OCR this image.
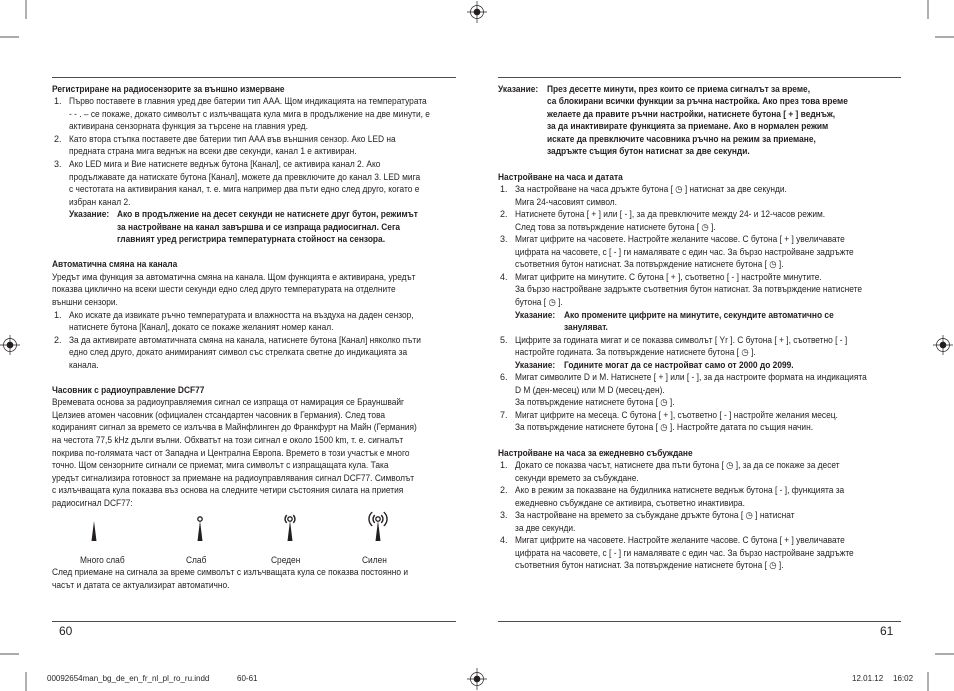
Регистриране на радиосензорите за външно измерване
1. Първо поставете в главния уред две батерии тип AAA. Щом индикацията на температурата
- - . – се покаже, докато символът с излъчващата кула мига в продължение на две минути, е
активирана сензорната функция за търсене на главния уред.
2. Като втора стъпка поставете две батерии тип AAA във външния сензор. Ако LED на
предната страна мига веднъж на всеки две секунди, канал 1 е активиран.
3. Ако LED мига и Вие натиснете веднъж бутона [Канал], се активира канал 2. Ако
продължавате да натискате бутона [Канал], можете да превключите до канал 3. LED мига
с честотата на активирания канал, т. е. мига например два пъти едно след друго, когато е
избран канал 2.
Указание: Ако в продължение на десет секунди не натиснете друг бутон, режимът
за настройване на канал завършва и се изпраща радиосигнал. Сега
главният уред регистрира температурната стойност на сензора.
Автоматична смяна на канала
Уредът има функция за автоматична смяна на канала. Щом функцията е активирана, уредът
показва циклично на всеки шести секунди едно след друго температурата на отделните
външни сензори.
1. Ако искате да извикате ръчно температурата и влажността на въздуха на даден сензор,
натиснете бутона [Канал], докато се покаже желаният номер канал.
2. За да активирате автоматичната смяна на канала, натиснете бутона [Канал] няколко пъти
едно след друго, докато анимираният символ със стрелката светне до индикацията за
канала.
Часовник с радиоуправление DCF77
Времевата основа за радиоуправляемия сигнал се изпраща от намирация се Брауншвайг
Целзиев атомен часовник (официален стсандартен часовник в Германия). След това
кодираният сигнал за времето се излъчва в Майнфлинген до Франкфурт на Майн (Германия)
на честота 77,5 kHz дълги вълни. Обхватът на този сигнал е около 1500 km, т. е. сигналът
покрива по-голямата част от Западна и Централна Европа. Времето в този участък е много
точно. Щом сензорните сигнали се приемат, мига символът с изпращащата кула. Така
уредът сигнализира готовност за приемане на радиоуправлявания сигнал DCF77. Символът
с излъчващата кула показва въз основа на следните четири състояния силата на приетия
радиосигнал DCF77:
Много слаб	Слаб	Среден	Силен
След приемане на сигнала за време символът с излъчващата кула се показва постоянно и
часът и датата се актуализират автоматично.
Указание: През десетте минути, през които се приема сигналът за време,
са блокирани всички функции за ръчна настройка. Ако през това време
желаете да правите ръчни настройки, натиснете бутона [ + ] веднъж,
за да инактивирате функцията за приемане. Ако в нормален режим
искате да превключите часовника ръчно на режим за приемане,
задръжте същия бутон натиснат за две секунди.
Настройване на часа и датата
1. За настройване на часа дръжте бутона [ ◷ ] натиснат за две секунди.
Мига 24-часовият символ.
2. Натиснете бутона [ + ] или [ - ], за да превключите между 24- и 12-часов режим.
След това за потвърждение натиснете бутона [ ◷ ].
3. Мигат цифрите на часовете. Настройте желаните часове. С бутона [ + ] увеличавате
цифрата на часовете, с [ - ] ги намалявате с един час. За бързо настройване задръжте
съответния бутон натиснат. За потвърждение натиснете бутона [ ◷ ].
4. Мигат цифрите на минутите. С бутона [ + ], съответно [ - ] настройте минутите.
За бързо настройване задръжте съответния бутон натиснат. За потвърждение натиснете
бутона [ ◷ ].
Указание: Ако промените цифрите на минутите, секундите автоматично се
зануляват.
5. Цифрите за годината мигат и се показва символът [ Yr ]. С бутона [ + ], съответно [ - ]
настройте годината. За потвърждение натиснете бутона [ ◷ ].
Указание: Годините могат да се настройват само от 2000 до 2099.
6. Мигат символите D и M. Натиснете [ + ] или [ - ], за да настроите формата на индикацията
D M (ден-месец) или M D (месец-ден).
За потвърждение натиснете бутона [ ◷ ].
7. Мигат цифрите на месеца. С бутона [ + ], съответно [ - ] настройте желания месец.
За потвърждение натиснете бутона [ ◷ ]. Настройте датата по същия начин.
Настройване на часа за ежедневно събуждане
1. Докато се показва часът, натиснете два пъти бутона [ ◷ ], за да се покаже за десет
секунди времето за събуждане.
2. Ако в режим за показване на будилника натиснете веднъж бутона [ - ], функцията за
ежедневно събуждане се активира, съответно инактивира.
3. За настройване на времето за събуждане дръжте бутона [ ◷ ] натиснат
за две секунди.
4. Мигат цифрите на часовете. Настройте желаните часове. С бутона [ + ] увеличавате
цифрата на часовете, с [ - ] ги намалявате с един час. За бързо настройване задръжте
съответния бутон натиснат. За потвърждение натиснете бутона [ ◷ ].
60	61
00092654man_bg_de_en_fr_nl_pl_ro_ru.indd	60-61	12.01.12 16:02
